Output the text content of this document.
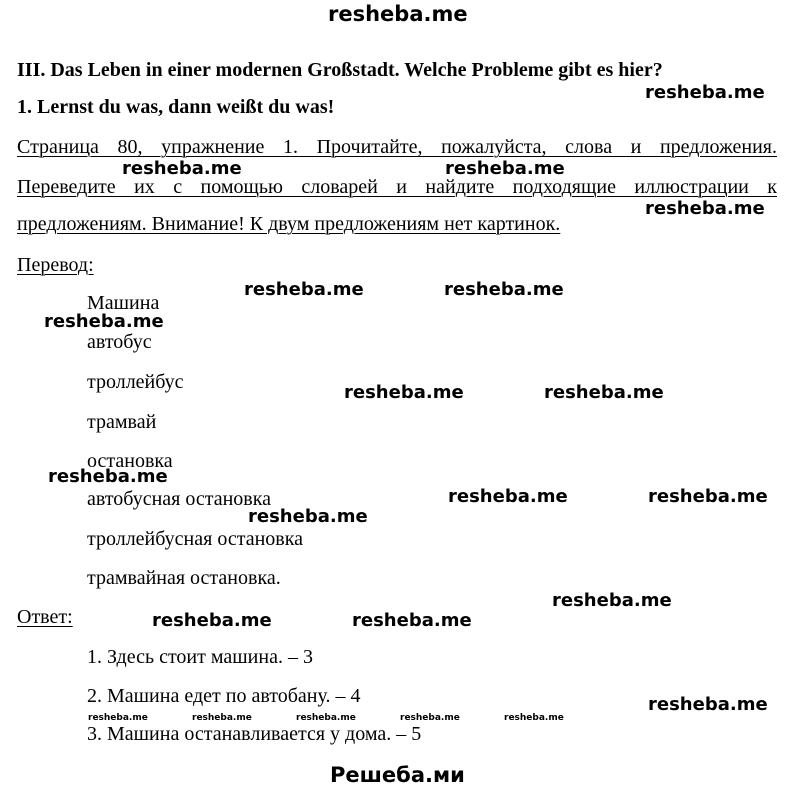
resheba.me
Решеба.ми
III. Das Leben in einer modernen Großstadt. Welche Probleme gibt es hier?
1. Lernst du was, dann weißt du was!
Страница 80, упражнение 1. Прочитайте, пожалуйста, слова и предложения.
Переведите их с помощью словарей и найдите подходящие иллюстрации к
предложениям. Внимание! К двум предложениям нет картинок.
Перевод:
Машина
автобус
троллейбус
трамвай
остановка
автобусная остановка
троллейбусная остановка
трамвайная остановка.
Ответ:
1. Здесь стоит машина. – 3
2. Машина едет по автобану. – 4
3. Машина останавливается у дома. – 5
resheba.me
resheba.me	resheba.me
resheba.me
resheba.me	resheba.me
resheba.me
resheba.me	resheba.me
resheba.me
resheba.me	resheba.me
resheba.me
resheba.me
resheba.me	resheba.me
resheba.me
resheba.me	resheba.me	resheba.me	resheba.me	resheba.me
